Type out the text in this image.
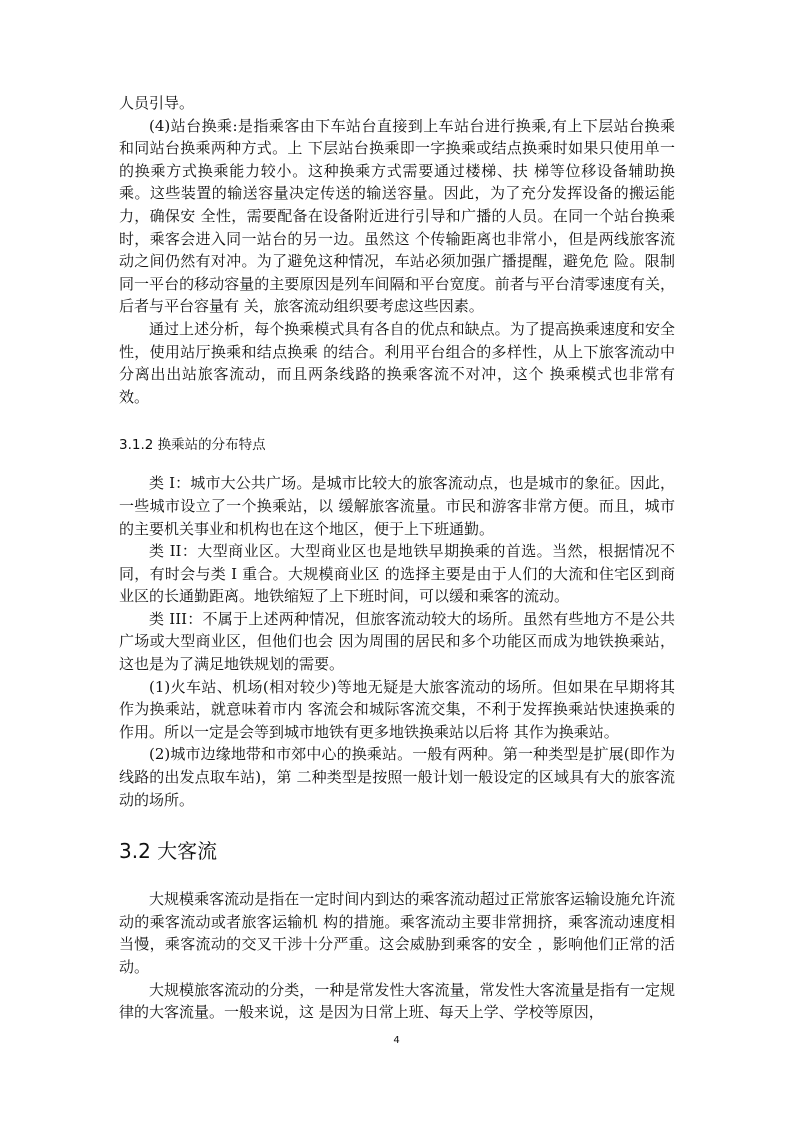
人员引导。

(4)站台换乘:是指乘客由下车站台直接到上车站台进行换乘,有上下层站台换乘和同站台换乘两种方式。上 下层站台换乘即一字换乘或结点换乘时如果只使用单一的换乘方式换乘能力较小。这种换乘方式需要通过楼梯、扶 梯等位移设备辅助换乘。这些装置的输送容量决定传送的输送容量。因此，为了充分发挥设备的搬运能力，确保安 全性，需要配备在设备附近进行引导和广播的人员。在同一个站台换乘时，乘客会进入同一站台的另一边。虽然这 个传输距离也非常小，但是两线旅客流动之间仍然有对冲。为了避免这种情况，车站必须加强广播提醒，避免危 险。限制同一平台的移动容量的主要原因是列车间隔和平台宽度。前者与平台清零速度有关，后者与平台容量有 关，旅客流动组织要考虑这些因素。

通过上述分析，每个换乘模式具有各自的优点和缺点。为了提高换乘速度和安全性，使用站厅换乘和结点换乘 的结合。利用平台组合的多样性，从上下旅客流动中分离出出站旅客流动，而且两条线路的换乘客流不对冲，这个 换乘模式也非常有效。

3.1.2 换乘站的分布特点

类 I：城市大公共广场。是城市比较大的旅客流动点，也是城市的象征。因此，一些城市设立了一个换乘站，以 缓解旅客流量。市民和游客非常方便。而且，城市的主要机关事业和机构也在这个地区，便于上下班通勤。

类 II：大型商业区。大型商业区也是地铁早期换乘的首选。当然，根据情况不同，有时会与类 I 重合。大规模商业区 的选择主要是由于人们的大流和住宅区到商业区的长通勤距离。地铁缩短了上下班时间，可以缓和乘客的流动。

类 III：不属于上述两种情况，但旅客流动较大的场所。虽然有些地方不是公共广场或大型商业区，但他们也会 因为周围的居民和多个功能区而成为地铁换乘站，这也是为了满足地铁规划的需要。

(1)火车站、机场(相对较少)等地无疑是大旅客流动的场所。但如果在早期将其作为换乘站，就意味着市内 客流会和城际客流交集，不利于发挥换乘站快速换乘的作用。所以一定是会等到城市地铁有更多地铁换乘站以后将 其作为换乘站。

(2)城市边缘地带和市郊中心的换乘站。一般有两种。第一种类型是扩展(即作为线路的出发点取车站)，第 二种类型是按照一般计划一般设定的区域具有大的旅客流动的场所。

3.2 大客流

大规模乘客流动是指在一定时间内到达的乘客流动超过正常旅客运输设施允许流动的乘客流动或者旅客运输机 构的措施。乘客流动主要非常拥挤，乘客流动速度相当慢，乘客流动的交叉干涉十分严重。这会威胁到乘客的安全 ，影响他们正常的活动。

大规模旅客流动的分类，一种是常发性大客流量，常发性大客流量是指有一定规律的大客流量。一般来说，这 是因为日常上班、每天上学、学校等原因，

4
